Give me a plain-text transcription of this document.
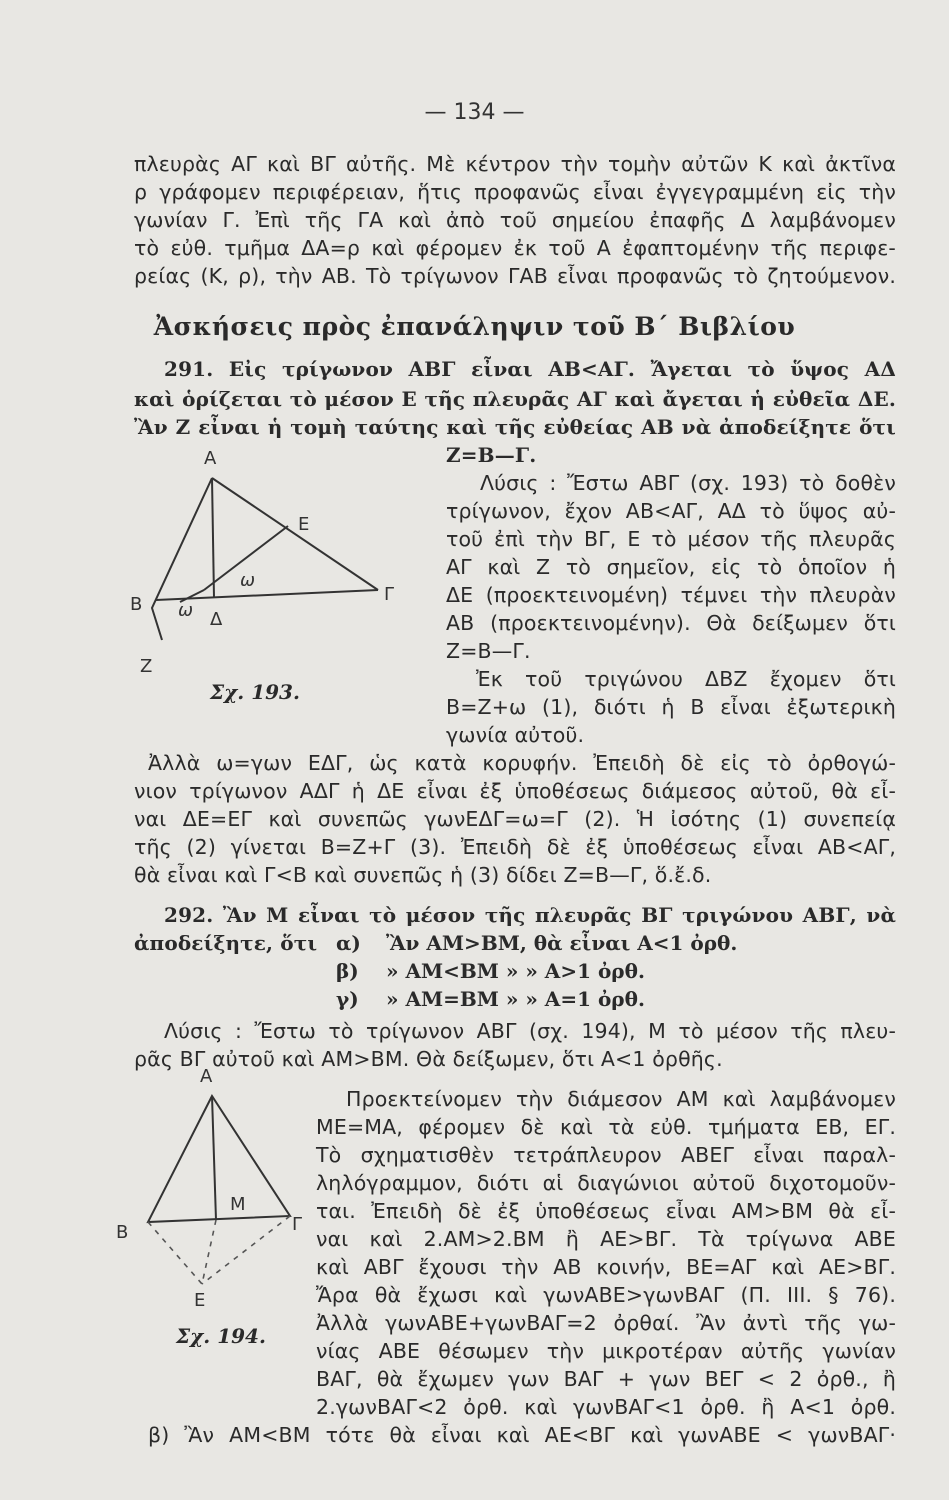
— 134 —
πλευρὰς ΑΓ καὶ ΒΓ αὐτῆς. Μὲ κέντρον τὴν τομὴν αὐτῶν Κ καὶ ἀκτῖνα
ρ γράφομεν περιφέρειαν, ἥτις προφανῶς εἶναι ἐγγεγραμμένη εἰς τὴν
γωνίαν Γ. Ἐπὶ τῆς ΓΑ καὶ ἀπὸ τοῦ σημείου ἐπαφῆς Δ λαμβάνομεν
τὸ εὐθ. τμῆμα ΔΑ=ρ καὶ φέρομεν ἐκ τοῦ Α ἐφαπτομένην τῆς περιφε-
ρείας (Κ, ρ), τὴν ΑΒ. Τὸ τρίγωνον ΓΑΒ εἶναι προφανῶς τὸ ζητούμενον.
Ἀσκήσεις πρὸς ἐπανάληψιν τοῦ Β΄ Βιβλίου
291. Εἰς τρίγωνον ΑΒΓ εἶναι ΑΒ<ΑΓ. Ἄγεται τὸ ὕψος ΑΔ
καὶ ὁρίζεται τὸ μέσον Ε τῆς πλευρᾶς ΑΓ καὶ ἄγεται ἡ εὐθεῖα ΔΕ.
Ἂν Ζ εἶναι ἡ τομὴ ταύτης καὶ τῆς εὐθείας ΑΒ νὰ ἀποδείξητε ὅτι
Ζ=Β—Γ.
Λύσις : Ἔστω ΑΒΓ (σχ. 193) τὸ δοθὲν
τρίγωνον, ἔχον ΑΒ<ΑΓ, ΑΔ τὸ ὕψος αὐ-
τοῦ ἐπὶ τὴν ΒΓ, Ε τὸ μέσον τῆς πλευρᾶς
ΑΓ καὶ Ζ τὸ σημεῖον, εἰς τὸ ὁποῖον ἡ
ΔΕ (προεκτεινομένη) τέμνει τὴν πλευρὰν
ΑΒ (προεκτεινομένην). Θὰ δείξωμεν ὅτι
Ζ=Β—Γ.
Ἐκ τοῦ τριγώνου ΔΒΖ ἔχομεν ὅτι
Β=Ζ+ω (1), διότι ἡ Β εἶναι ἐξωτερικὴ
γωνία αὐτοῦ.
Α
Β	Γ
Δ
Ε
Ζ
ω
ω
Σχ. 193.
Ἀλλὰ ω=γων ΕΔΓ, ὡς κατὰ κορυφήν. Ἐπειδὴ δὲ εἰς τὸ ὀρθογώ-
νιον τρίγωνον ΑΔΓ ἡ ΔΕ εἶναι ἐξ ὑποθέσεως διάμεσος αὐτοῦ, θὰ εἶ-
ναι ΔΕ=ΕΓ καὶ συνεπῶς γωνΕΔΓ=ω=Γ (2). Ἡ ἰσότης (1) συνεπείᾳ
τῆς (2) γίνεται Β=Ζ+Γ (3). Ἐπειδὴ δὲ ἐξ ὑποθέσεως εἶναι ΑΒ<ΑΓ,
θὰ εἶναι καὶ Γ<Β καὶ συνεπῶς ἡ (3) δίδει Ζ=Β—Γ, ὅ.ἔ.δ.
292. Ἂν Μ εἶναι τὸ μέσον τῆς πλευρᾶς ΒΓ τριγώνου ΑΒΓ, νὰ
ἀποδείξητε, ὅτι α) Ἂν ΑΜ>ΒΜ, θὰ εἶναι Α<1 ὀρθ.
β) » ΑΜ<ΒΜ » » Α>1 ὀρθ.
γ) » ΑΜ=ΒΜ » » Α=1 ὀρθ.
Λύσις : Ἔστω τὸ τρίγωνον ΑΒΓ (σχ. 194), Μ τὸ μέσον τῆς πλευ-
ρᾶς ΒΓ αὐτοῦ καὶ ΑΜ>ΒΜ. Θὰ δείξωμεν, ὅτι Α<1 ὀρθῆς.
Προεκτείνομεν τὴν διάμεσον ΑΜ καὶ λαμβάνομεν
ΜΕ=ΜΑ, φέρομεν δὲ καὶ τὰ εὐθ. τμήματα ΕΒ, ΕΓ.
Τὸ σχηματισθὲν τετράπλευρον ΑΒΕΓ εἶναι παραλ-
ληλόγραμμον, διότι αἱ διαγώνιοι αὐτοῦ διχοτομοῦν-
ται. Ἐπειδὴ δὲ ἐξ ὑποθέσεως εἶναι ΑΜ>ΒΜ θὰ εἶ-
ναι καὶ 2.ΑΜ>2.ΒΜ ἢ ΑΕ>ΒΓ. Τὰ τρίγωνα ΑΒΕ
καὶ ΑΒΓ ἔχουσι τὴν ΑΒ κοινήν, ΒΕ=ΑΓ καὶ ΑΕ>ΒΓ.
Ἄρα θὰ ἔχωσι καὶ γωνΑΒΕ>γωνΒΑΓ (Π. ΙΙΙ. § 76).
Ἀλλὰ γωνΑΒΕ+γωνΒΑΓ=2 ὀρθαί. Ἂν ἀντὶ τῆς γω-
νίας ΑΒΕ θέσωμεν τὴν μικροτέραν αὐτῆς γωνίαν
ΒΑΓ, θὰ ἔχωμεν γων ΒΑΓ + γων ΒΕΓ < 2 ὀρθ., ἢ
2.γωνΒΑΓ<2 ὀρθ. καὶ γωνΒΑΓ<1 ὀρθ. ἢ Α<1 ὀρθ.
β) Ἂν ΑΜ<ΒΜ τότε θὰ εἶναι καὶ ΑΕ<ΒΓ καὶ γωνΑΒΕ < γωνΒΑΓ·
Α
Β	Γ
Μ
Ε
Σχ. 194.
